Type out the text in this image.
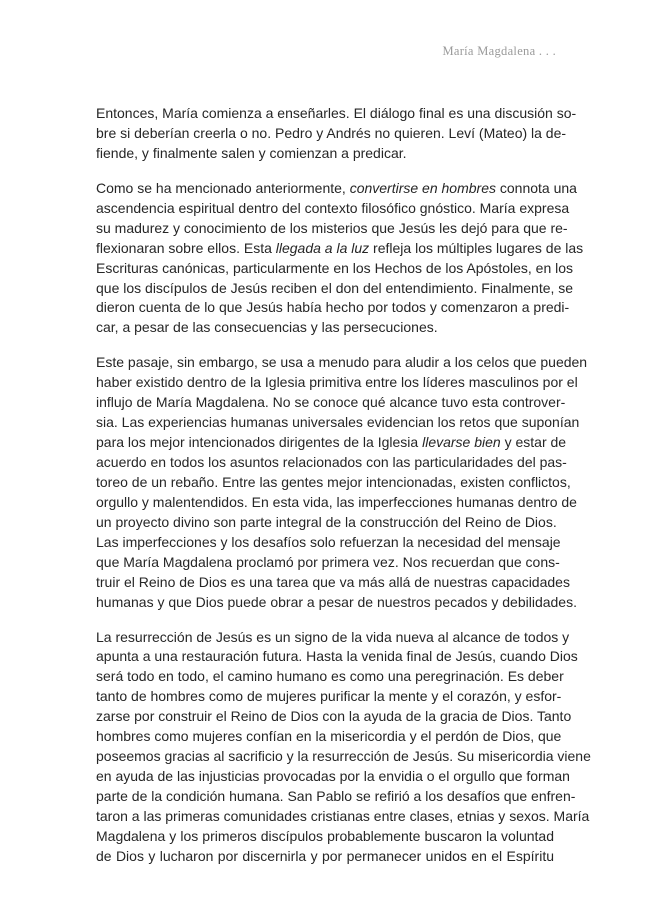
María Magdalena . . .
Entonces, María comienza a enseñarles. El diálogo final es una discusión so-
bre si deberían creerla o no. Pedro y Andrés no quieren. Leví (Mateo) la de-
fiende, y finalmente salen y comienzan a predicar.
Como se ha mencionado anteriormente, convertirse en hombres connota una
ascendencia espiritual dentro del contexto filosófico gnóstico. María expresa
su madurez y conocimiento de los misterios que Jesús les dejó para que re-
flexionaran sobre ellos. Esta llegada a la luz refleja los múltiples lugares de las
Escrituras canónicas, particularmente en los Hechos de los Apóstoles, en los
que los discípulos de Jesús reciben el don del entendimiento. Finalmente, se
dieron cuenta de lo que Jesús había hecho por todos y comenzaron a predi-
car, a pesar de las consecuencias y las persecuciones.
Este pasaje, sin embargo, se usa a menudo para aludir a los celos que pueden
haber existido dentro de la Iglesia primitiva entre los líderes masculinos por el
influjo de María Magdalena. No se conoce qué alcance tuvo esta controver-
sia. Las experiencias humanas universales evidencian los retos que suponían
para los mejor intencionados dirigentes de la Iglesia llevarse bien y estar de
acuerdo en todos los asuntos relacionados con las particularidades del pas-
toreo de un rebaño. Entre las gentes mejor intencionadas, existen conflictos,
orgullo y malentendidos. En esta vida, las imperfecciones humanas dentro de
un proyecto divino son parte integral de la construcción del Reino de Dios.
Las imperfecciones y los desafíos solo refuerzan la necesidad del mensaje
que María Magdalena proclamó por primera vez. Nos recuerdan que cons-
truir el Reino de Dios es una tarea que va más allá de nuestras capacidades
humanas y que Dios puede obrar a pesar de nuestros pecados y debilidades.
La resurrección de Jesús es un signo de la vida nueva al alcance de todos y
apunta a una restauración futura. Hasta la venida final de Jesús, cuando Dios
será todo en todo, el camino humano es como una peregrinación. Es deber
tanto de hombres como de mujeres purificar la mente y el corazón, y esfor-
zarse por construir el Reino de Dios con la ayuda de la gracia de Dios. Tanto
hombres como mujeres confían en la misericordia y el perdón de Dios, que
poseemos gracias al sacrificio y la resurrección de Jesús. Su misericordia viene
en ayuda de las injusticias provocadas por la envidia o el orgullo que forman
parte de la condición humana. San Pablo se refirió a los desafíos que enfren-
taron a las primeras comunidades cristianas entre clases, etnias y sexos. María
Magdalena y los primeros discípulos probablemente buscaron la voluntad
de Dios y lucharon por discernirla y por permanecer unidos en el Espíritu
